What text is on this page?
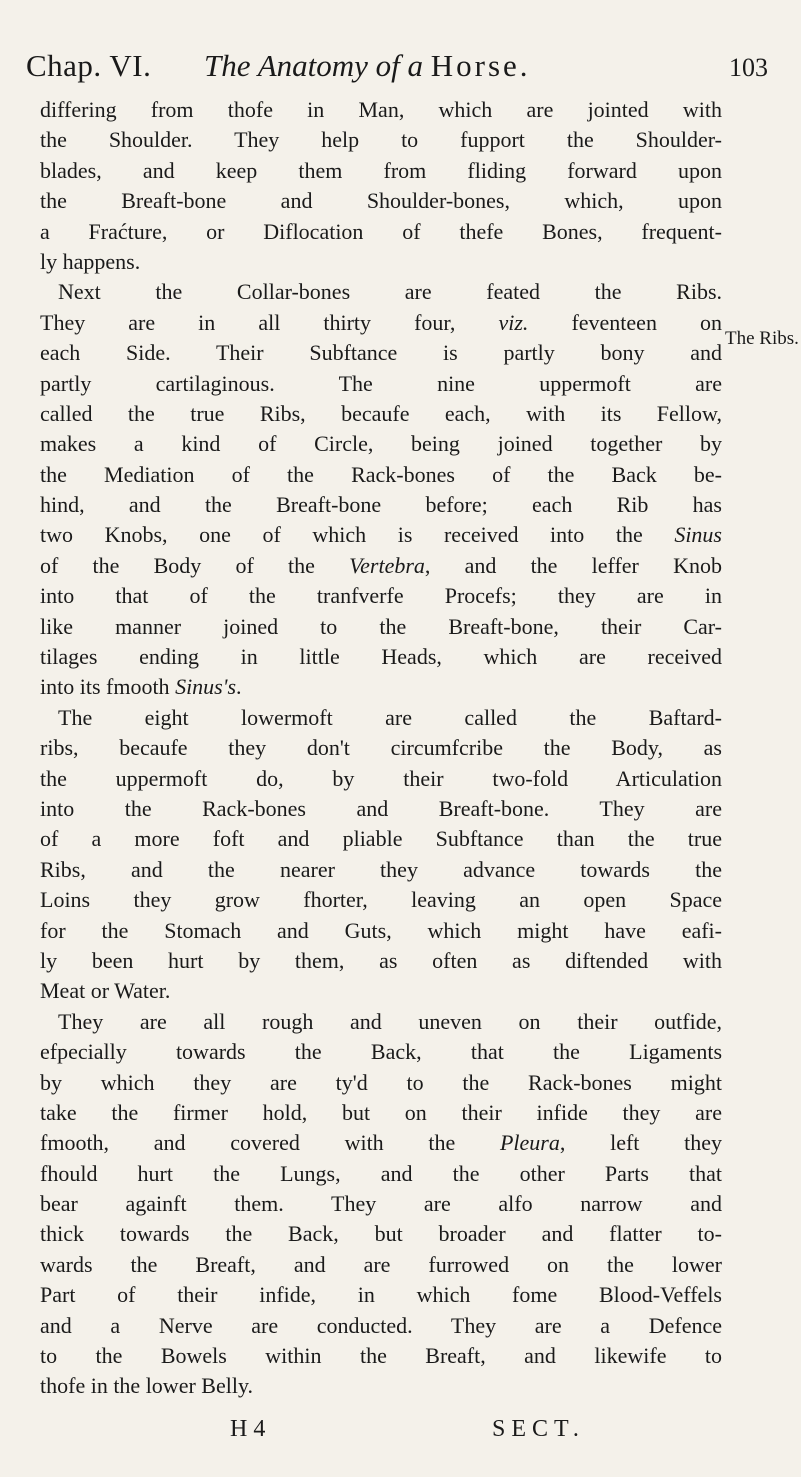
Chap. VI. The Anatomy of a Horse.	103
differing from thofe in Man, which are jointed with
the Shoulder. They help to fupport the Shoulder-
blades, and keep them from fliding forward upon
the Breaft-bone and Shoulder-bones, which, upon
a Fraćture, or Diflocation of thefe Bones, frequent-
ly happens.
Next the Collar-bones are feated the Ribs.
They are in all thirty four, viz. feventeen on
each Side. Their Subftance is partly bony and
partly cartilaginous. The nine uppermoft are
called the true Ribs, becaufe each, with its Fellow,
makes a kind of Circle, being joined together by
the Mediation of the Rack-bones of the Back be-
hind, and the Breaft-bone before; each Rib has
two Knobs, one of which is received into the Sinus
of the Body of the Vertebra, and the leffer Knob
into that of the tranfverfe Procefs; they are in
like manner joined to the Breaft-bone, their Car-
tilages ending in little Heads, which are received
into its fmooth Sinus's.
The eight lowermoft are called the Baftard-
ribs, becaufe they don't circumfcribe the Body, as
the uppermoft do, by their two-fold Articulation
into the Rack-bones and Breaft-bone. They are
of a more foft and pliable Subftance than the true
Ribs, and the nearer they advance towards the
Loins they grow fhorter, leaving an open Space
for the Stomach and Guts, which might have eafi-
ly been hurt by them, as often as diftended with
Meat or Water.
They are all rough and uneven on their outfide,
efpecially towards the Back, that the Ligaments
by which they are ty'd to the Rack-bones might
take the firmer hold, but on their infide they are
fmooth, and covered with the Pleura, left they
fhould hurt the Lungs, and the other Parts that
bear againft them. They are alfo narrow and
thick towards the Back, but broader and flatter to-
wards the Breaft, and are furrowed on the lower
Part of their infide, in which fome Blood-Veffels
and a Nerve are conducted. They are a Defence
to the Bowels within the Breaft, and likewife to
thofe in the lower Belly.
The Ribs.
H 4	SECT.
